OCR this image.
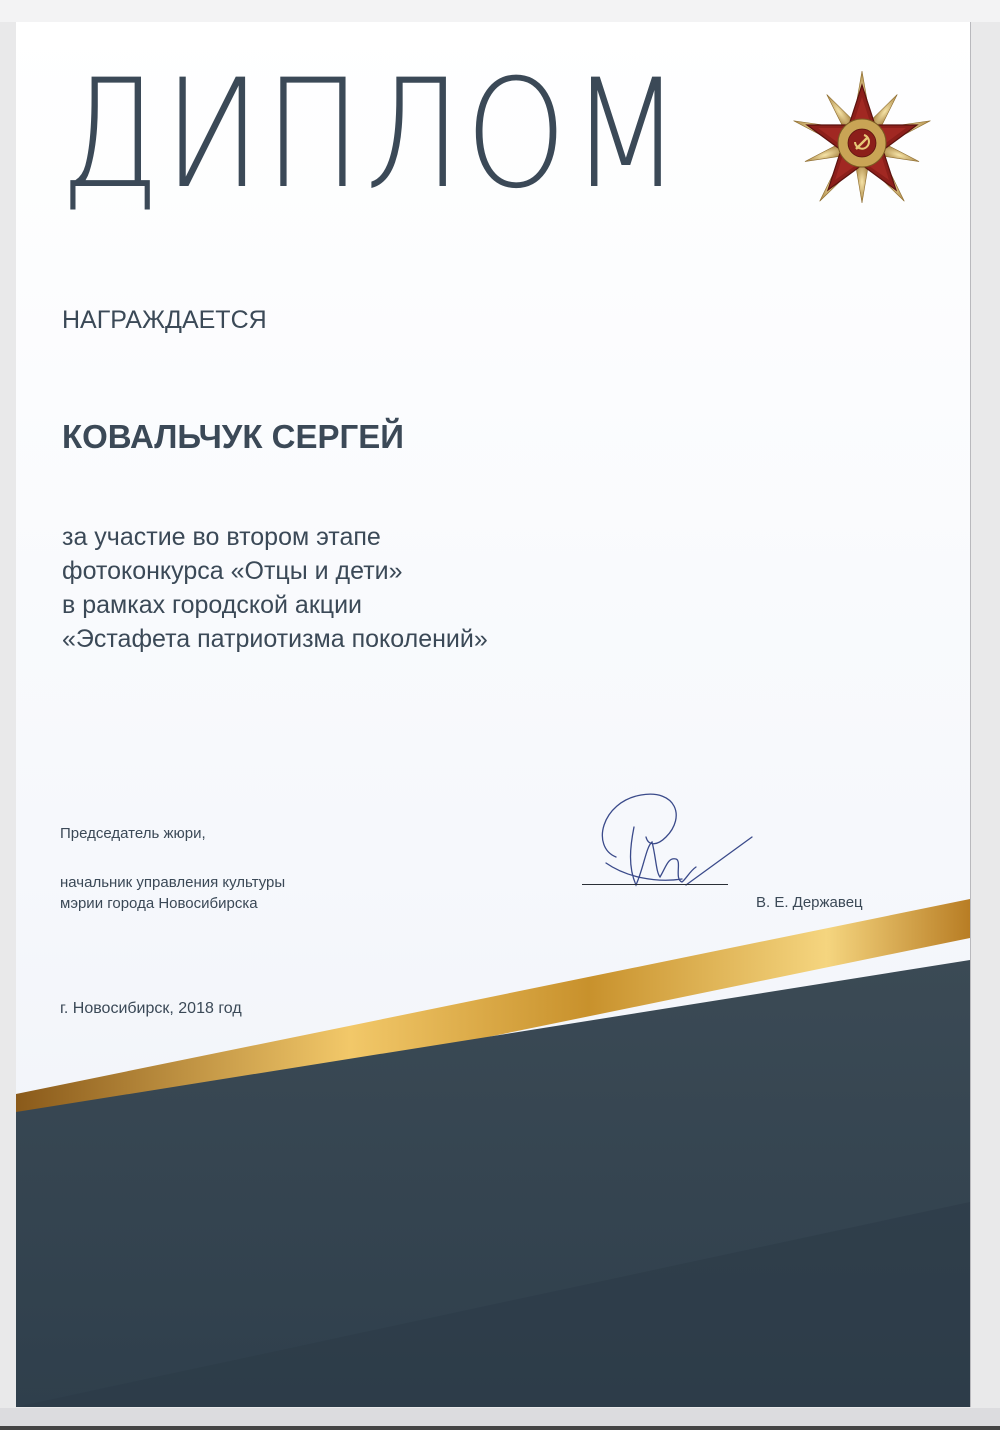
ДИПЛОМ
НАГРАЖДАЕТСЯ
КОВАЛЬЧУК СЕРГЕЙ
за участие во втором этапе
фотоконкурса «Отцы и дети»
в рамках городской акции
«Эстафета патриотизма поколений»
Председатель жюри,
начальник управления культуры
мэрии города Новосибирска	В. Е. Державец
г. Новосибирск, 2018 год
